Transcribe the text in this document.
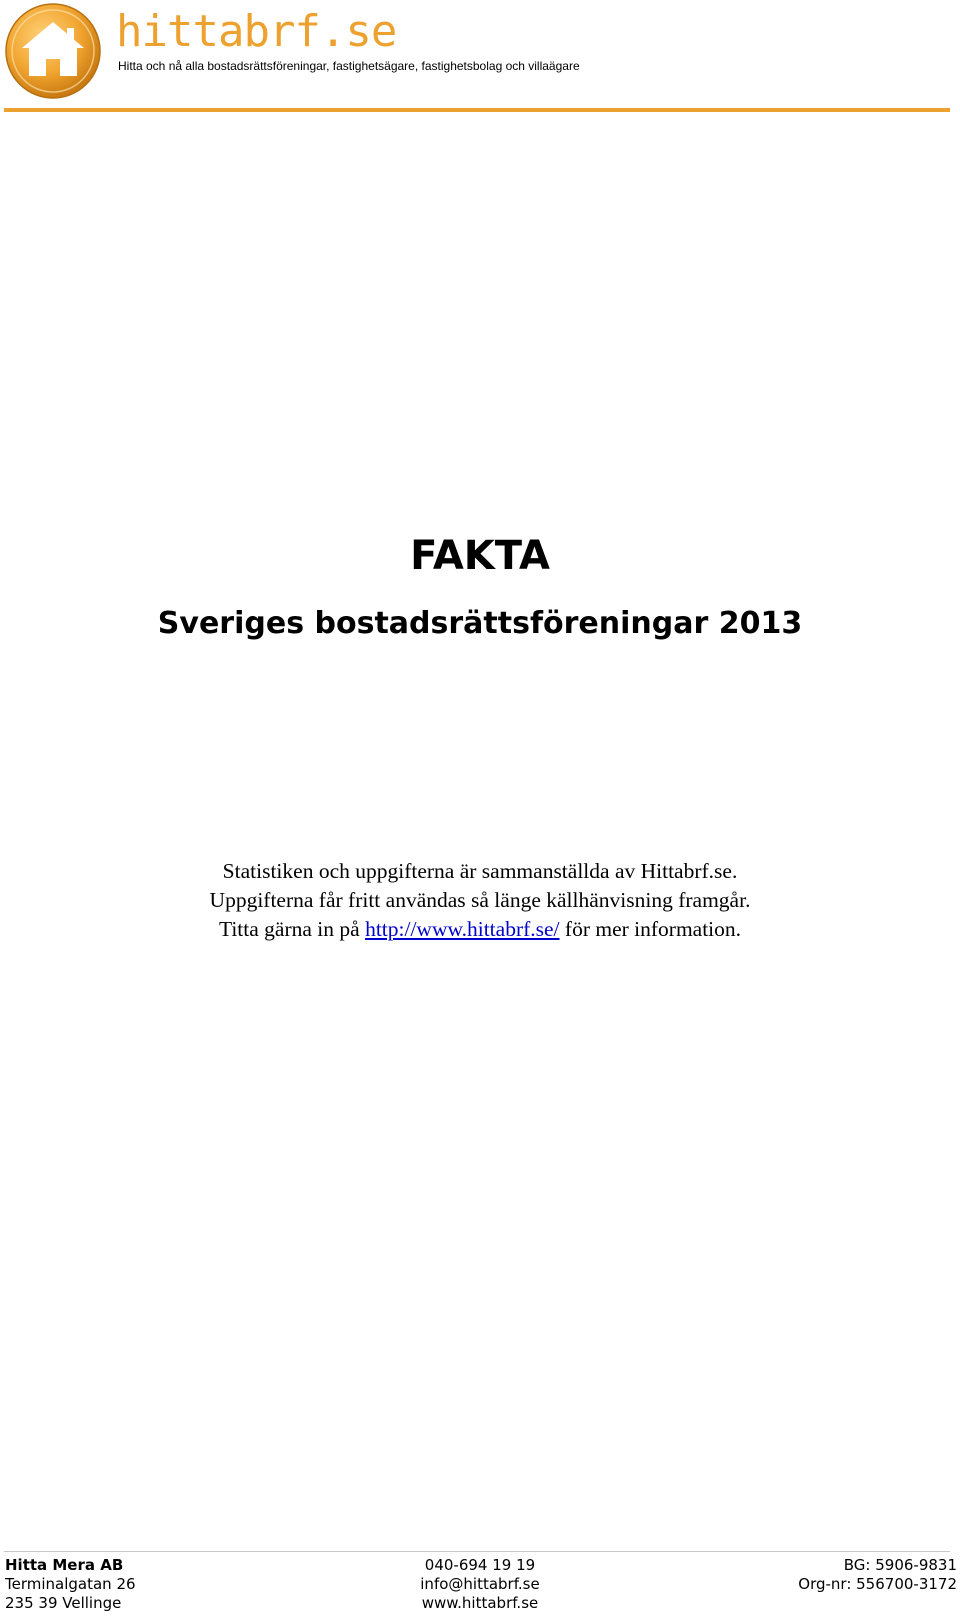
hittabrf.se
Hitta och nå alla bostadsrättsföreningar, fastighetsägare, fastighetsbolag och villaägare
FAKTA
Sveriges bostadsrättsföreningar 2013

Statistiken och uppgifterna är sammanställda av Hittabrf.se.

Uppgifterna får fritt användas så länge källhänvisning framgår.

Titta gärna in på http://www.hittabrf.se/ för mer information.

Hitta Mera AB
Terminalgatan 26
235 39 Vellinge
040-694 19 19
info@hittabrf.se
www.hittabrf.se
BG: 5906-9831
Org-nr: 556700-3172
